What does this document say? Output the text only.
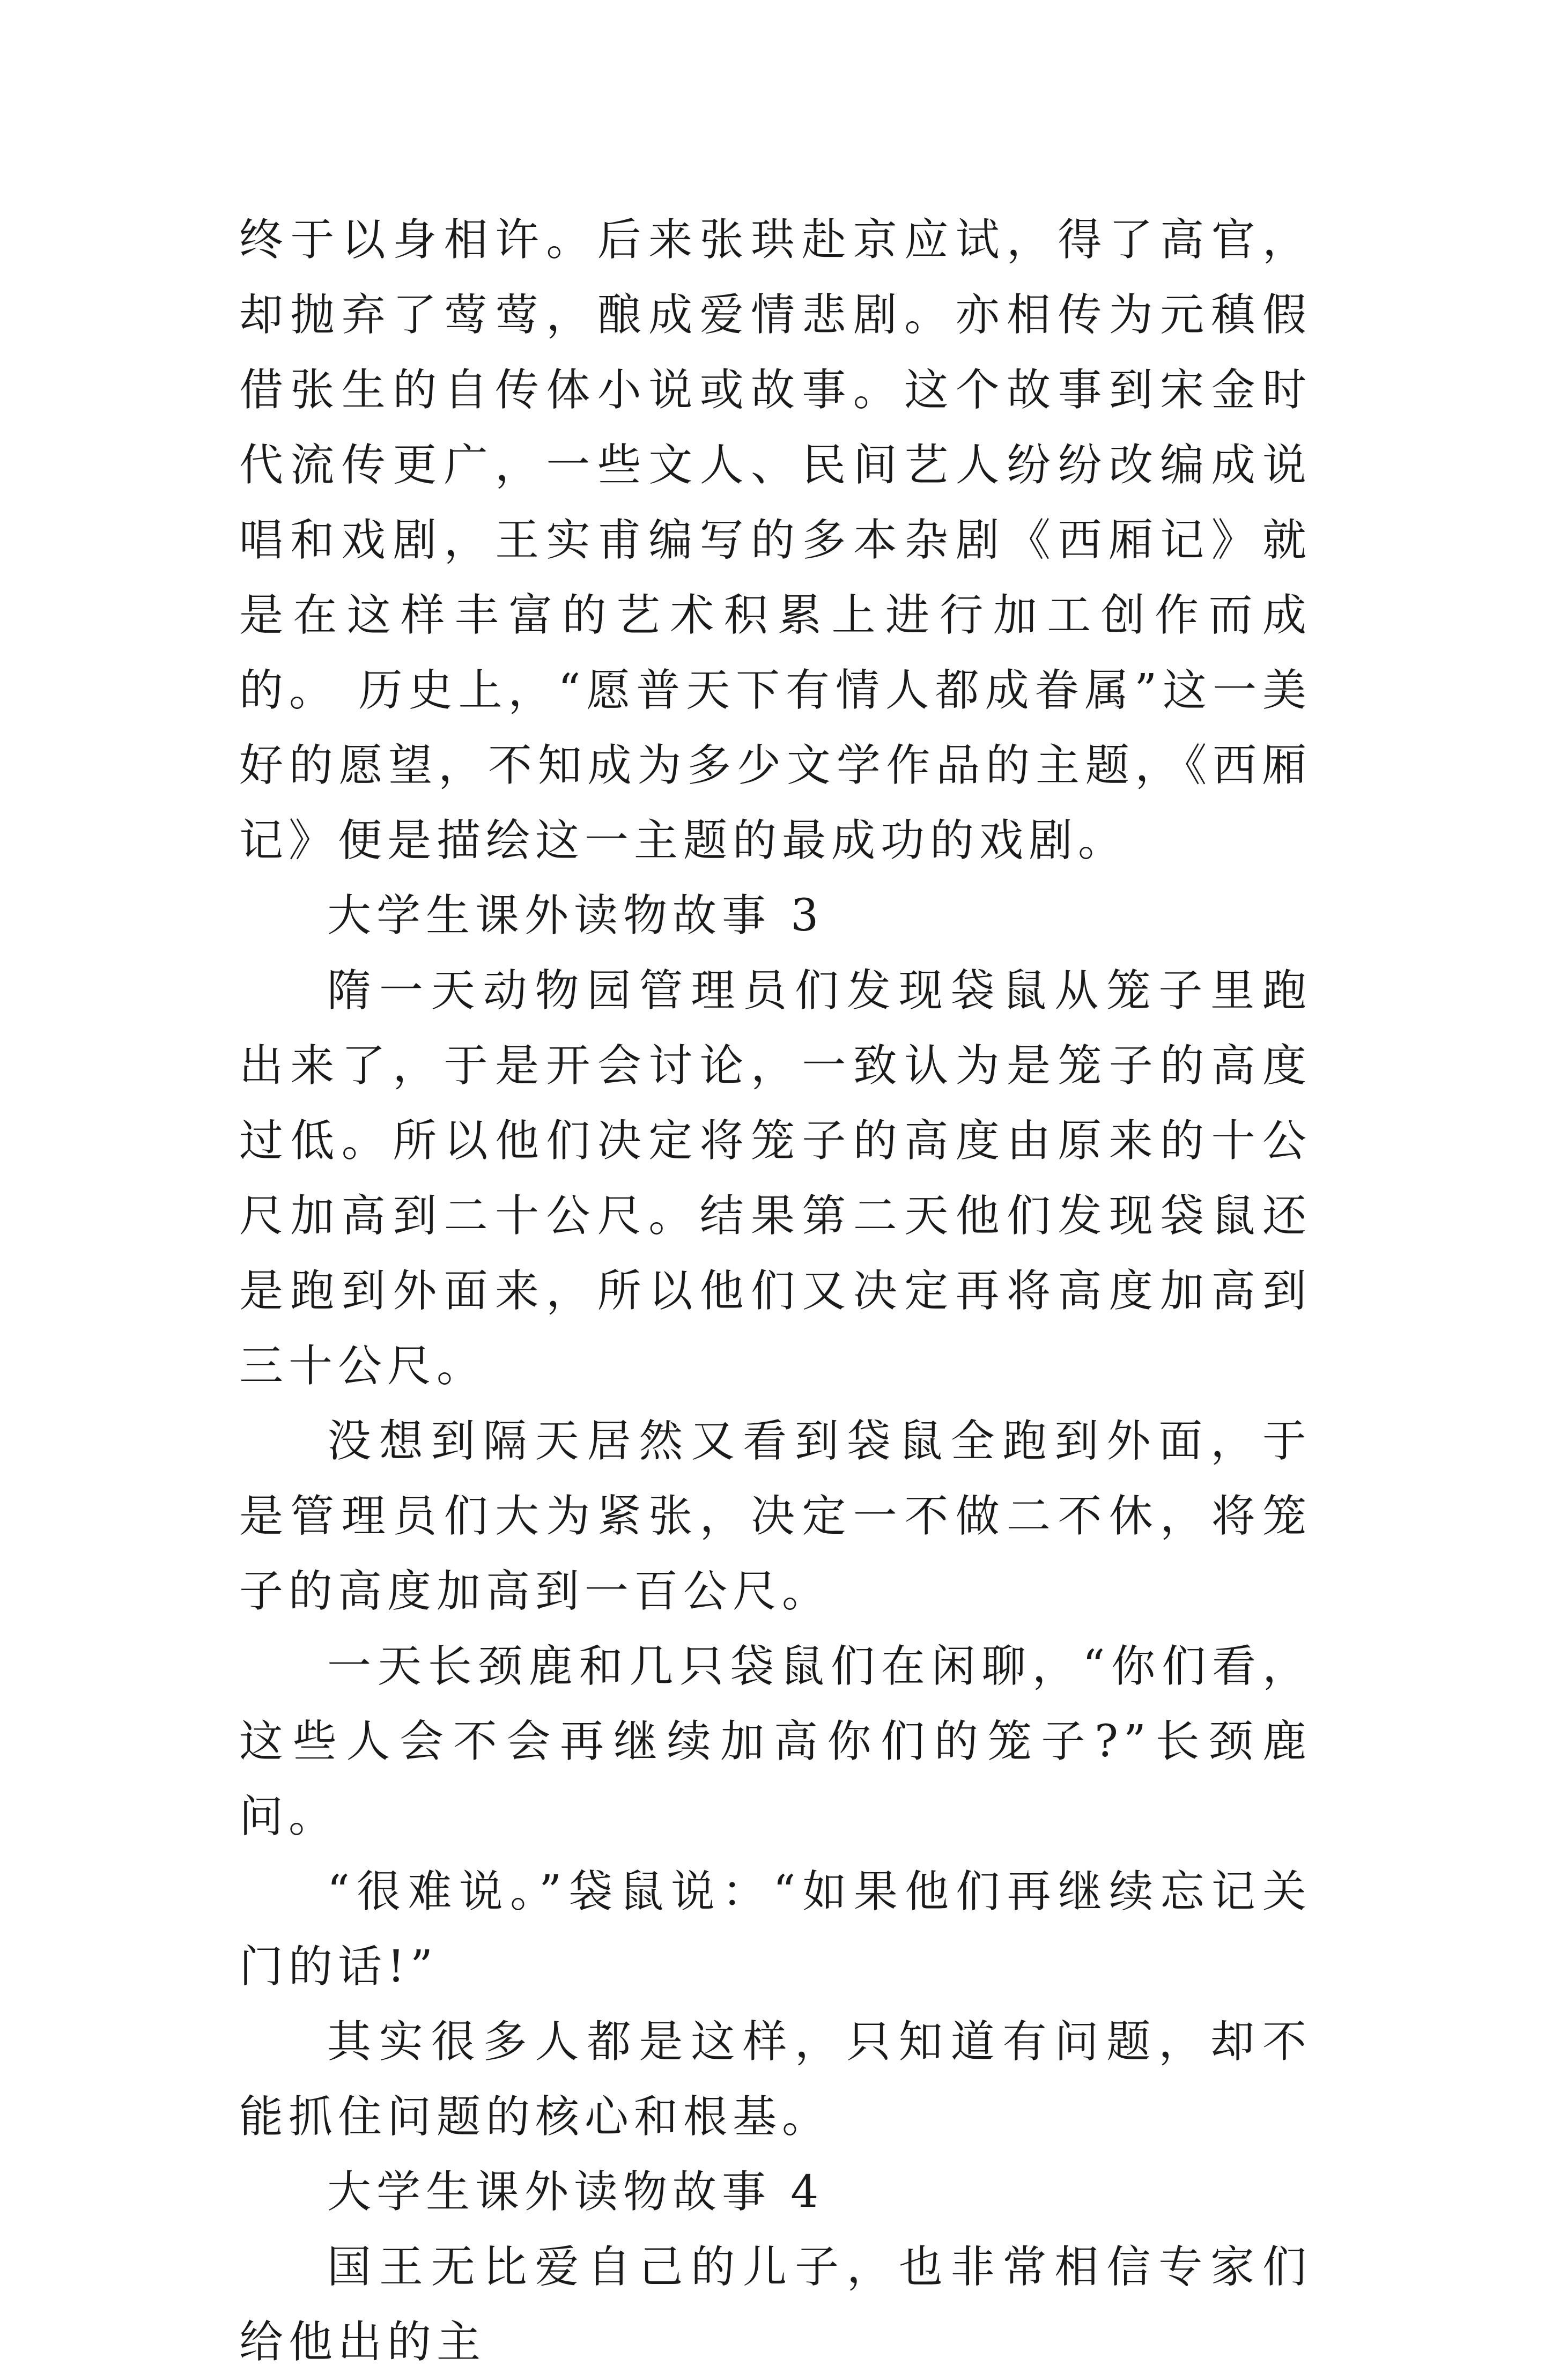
终于以身相许。后来张珙赴京应试，得了高官，却抛弃了莺莺，酿成爱情悲剧。亦相传为元稹假借张生的自传体小说或故事。这个故事到宋金时代流传更广，一些文人、民间艺人纷纷改编成说唱和戏剧，王实甫编写的多本杂剧《西厢记》就是在这样丰富的艺术积累上进行加工创作而成的。 历史上，“愿普天下有情人都成眷属”这一美好的愿望，不知成为多少文学作品的主题，《西厢记》便是描绘这一主题的最成功的戏剧。

大学生课外读物故事 3

隋一天动物园管理员们发现袋鼠从笼子里跑出来了，于是开会讨论，一致认为是笼子的高度过低。所以他们决定将笼子的高度由原来的十公尺加高到二十公尺。结果第二天他们发现袋鼠还是跑到外面来，所以他们又决定再将高度加高到三十公尺。

没想到隔天居然又看到袋鼠全跑到外面，于是管理员们大为紧张，决定一不做二不休，将笼子的高度加高到一百公尺。

一天长颈鹿和几只袋鼠们在闲聊，“你们看，这些人会不会再继续加高你们的笼子?”长颈鹿问。

“很难说。”袋鼠说：“如果他们再继续忘记关门的话!”

其实很多人都是这样，只知道有问题，却不能抓住问题的核心和根基。

大学生课外读物故事 4

国王无比爱自己的儿子，也非常相信专家们给他出的主
